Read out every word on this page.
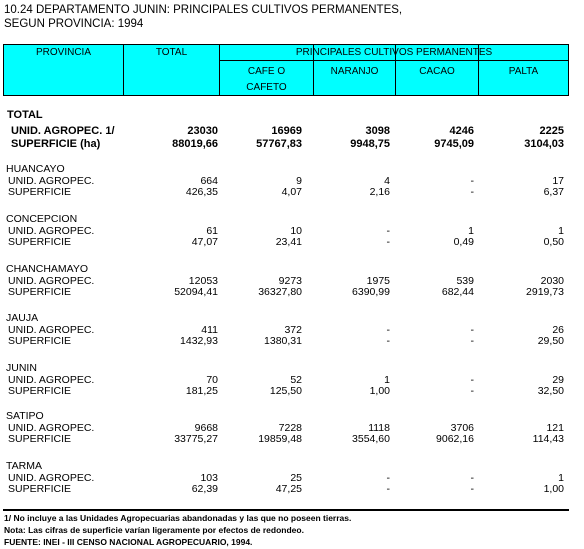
10.24 DEPARTAMENTO JUNIN: PRINCIPALES CULTIVOS PERMANENTES,
SEGUN PROVINCIA: 1994
PROVINCIA	TOTAL	PRINCIPALES CULTIVOS PERMANENTES
CAFE O
CAFETO
NARANJO	CACAO	PALTA
TOTAL
UNID. AGROPEC. 1/	23030	16969	3098	4246	2225
SUPERFICIE (ha)	88019,66	57767,83	9948,75	9745,09	3104,03
HUANCAYO
UNID. AGROPEC.	664	9	4	-	17
SUPERFICIE	426,35	4,07	2,16	-	6,37
CONCEPCION
UNID. AGROPEC.	61	10	-	1	1
SUPERFICIE	47,07	23,41	-	0,49	0,50
CHANCHAMAYO
UNID. AGROPEC.	12053	9273	1975	539	2030
SUPERFICIE	52094,41	36327,80	6390,99	682,44	2919,73
JAUJA
UNID. AGROPEC.	411	372	-	-	26
SUPERFICIE	1432,93	1380,31	-	-	29,50
JUNIN
UNID. AGROPEC.	70	52	1	-	29
SUPERFICIE	181,25	125,50	1,00	-	32,50
SATIPO
UNID. AGROPEC.	9668	7228	1118	3706	121
SUPERFICIE	33775,27	19859,48	3554,60	9062,16	114,43
TARMA
UNID. AGROPEC.	103	25	-	-	1
SUPERFICIE	62,39	47,25	-	-	1,00
1/ No incluye a las Unidades Agropecuarias abandonadas y las que no poseen tierras.
Nota: Las cifras de superficie varían ligeramente por efectos de redondeo.
FUENTE: INEI - III CENSO NACIONAL AGROPECUARIO, 1994.
